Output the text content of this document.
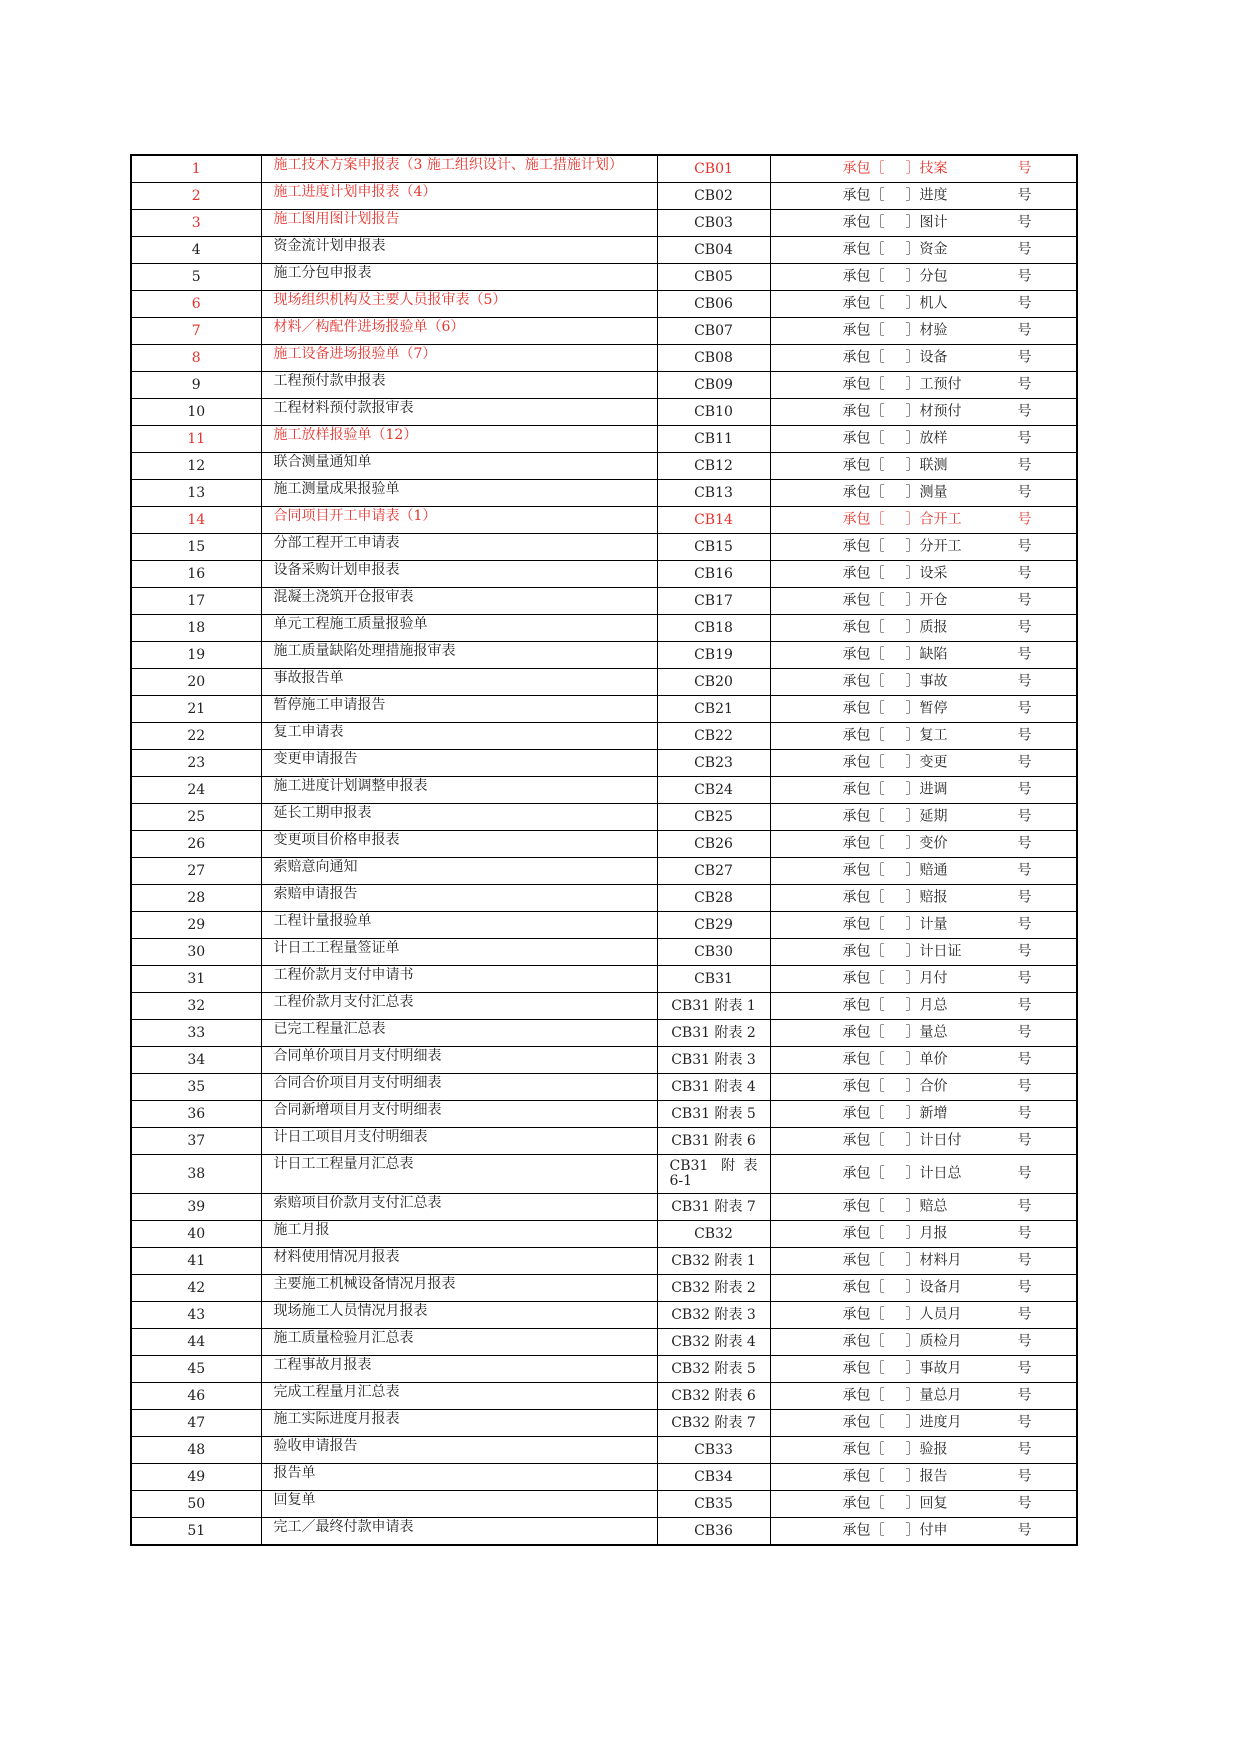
1	施工技术方案申报表（3 施工组织设计、施工措施计划）	CB01	承包［ ］技案 号

2	施工进度计划申报表（4）	CB02	承包［ ］进度 号

3	施工图用图计划报告	CB03	承包［ ］图计 号

4	资金流计划申报表	CB04	承包［ ］资金 号

5	施工分包申报表	CB05	承包［ ］分包 号

6	现场组织机构及主要人员报审表（5）	CB06	承包［ ］机人 号

7	材料／构配件进场报验单（6）	CB07	承包［ ］材验 号

8	施工设备进场报验单（7）	CB08	承包［ ］设备 号

9	工程预付款申报表	CB09	承包［ ］工预付 号

10	工程材料预付款报审表	CB10	承包［ ］材预付 号

11	施工放样报验单（12）	CB11	承包［ ］放样 号

12	联合测量通知单	CB12	承包［ ］联测 号

13	施工测量成果报验单	CB13	承包［ ］测量 号

14	合同项目开工申请表（1）	CB14	承包［ ］合开工 号

15	分部工程开工申请表	CB15	承包［ ］分开工 号

16	设备采购计划申报表	CB16	承包［ ］设采 号

17	混凝土浇筑开仓报审表	CB17	承包［ ］开仓 号

18	单元工程施工质量报验单	CB18	承包［ ］质报 号

19	施工质量缺陷处理措施报审表	CB19	承包［ ］缺陷 号

20	事故报告单	CB20	承包［ ］事故 号

21	暂停施工申请报告	CB21	承包［ ］暂停 号

22	复工申请表	CB22	承包［ ］复工 号

23	变更申请报告	CB23	承包［ ］变更 号

24	施工进度计划调整申报表	CB24	承包［ ］进调 号

25	延长工期申报表	CB25	承包［ ］延期 号

26	变更项目价格申报表	CB26	承包［ ］变价 号

27	索赔意向通知	CB27	承包［ ］赔通 号

28	索赔申请报告	CB28	承包［ ］赔报 号

29	工程计量报验单	CB29	承包［ ］计量 号

30	计日工工程量签证单	CB30	承包［ ］计日证 号

31	工程价款月支付申请书	CB31	承包［ ］月付 号

32	工程价款月支付汇总表	CB31 附表 1	承包［ ］月总 号

33	已完工程量汇总表	CB31 附表 2	承包［ ］量总 号

34	合同单价项目月支付明细表	CB31 附表 3	承包［ ］单价 号

35	合同合价项目月支付明细表	CB31 附表 4	承包［ ］合价 号

36	合同新增项目月支付明细表	CB31 附表 5	承包［ ］新增 号

37	计日工项目月支付明细表	CB31 附表 6	承包［ ］计日付 号

38	计日工工程量月汇总表	CB31 附表 6-1	承包［ ］计日总 号

39	索赔项目价款月支付汇总表	CB31 附表 7	承包［ ］赔总 号

40	施工月报	CB32	承包［ ］月报 号

41	材料使用情况月报表	CB32 附表 1	承包［ ］材料月 号

42	主要施工机械设备情况月报表	CB32 附表 2	承包［ ］设备月 号

43	现场施工人员情况月报表	CB32 附表 3	承包［ ］人员月 号

44	施工质量检验月汇总表	CB32 附表 4	承包［ ］质检月 号

45	工程事故月报表	CB32 附表 5	承包［ ］事故月 号

46	完成工程量月汇总表	CB32 附表 6	承包［ ］量总月 号

47	施工实际进度月报表	CB32 附表 7	承包［ ］进度月 号

48	验收申请报告	CB33	承包［ ］验报 号

49	报告单	CB34	承包［ ］报告 号

50	回复单	CB35	承包［ ］回复 号

51	完工／最终付款申请表	CB36	承包［ ］付申 号
